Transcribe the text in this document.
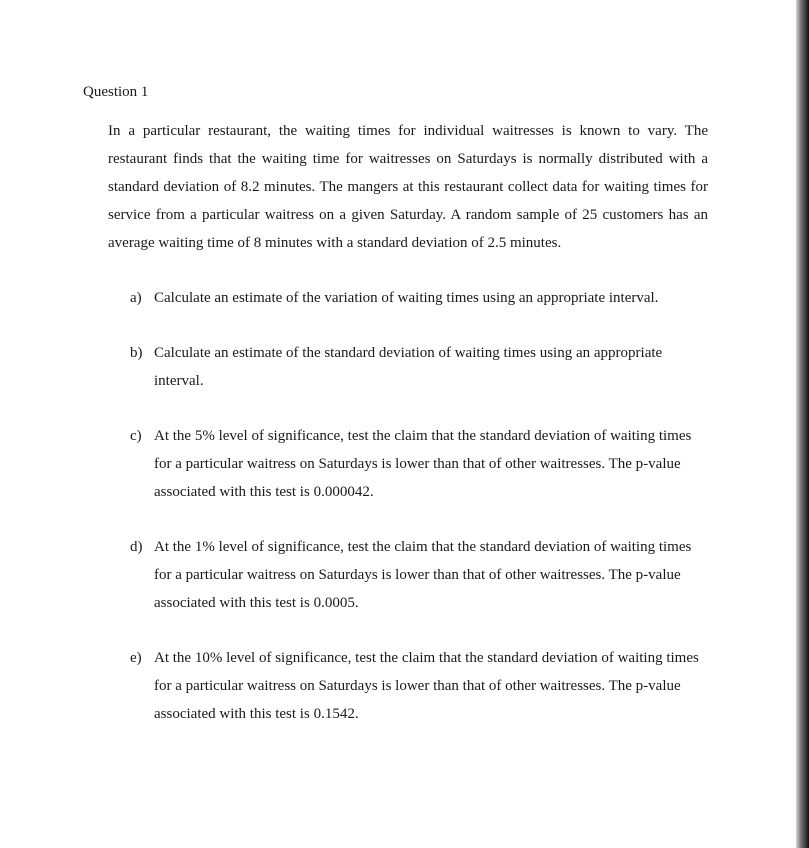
Question 1

In a particular restaurant, the waiting times for individual waitresses is known to vary. The restaurant finds that the waiting time for waitresses on Saturdays is normally distributed with a standard deviation of 8.2 minutes. The mangers at this restaurant collect data for waiting times for service from a particular waitress on a given Saturday. A random sample of 25 customers has an average waiting time of 8 minutes with a standard deviation of 2.5 minutes.

a) Calculate an estimate of the variation of waiting times using an appropriate interval.
b) Calculate an estimate of the standard deviation of waiting times using an appropriate interval.
c) At the 5% level of significance, test the claim that the standard deviation of waiting times for a particular waitress on Saturdays is lower than that of other waitresses. The p-value associated with this test is 0.000042.
d) At the 1% level of significance, test the claim that the standard deviation of waiting times for a particular waitress on Saturdays is lower than that of other waitresses. The p-value associated with this test is 0.0005.
e) At the 10% level of significance, test the claim that the standard deviation of waiting times for a particular waitress on Saturdays is lower than that of other waitresses. The p-value associated with this test is 0.1542.
